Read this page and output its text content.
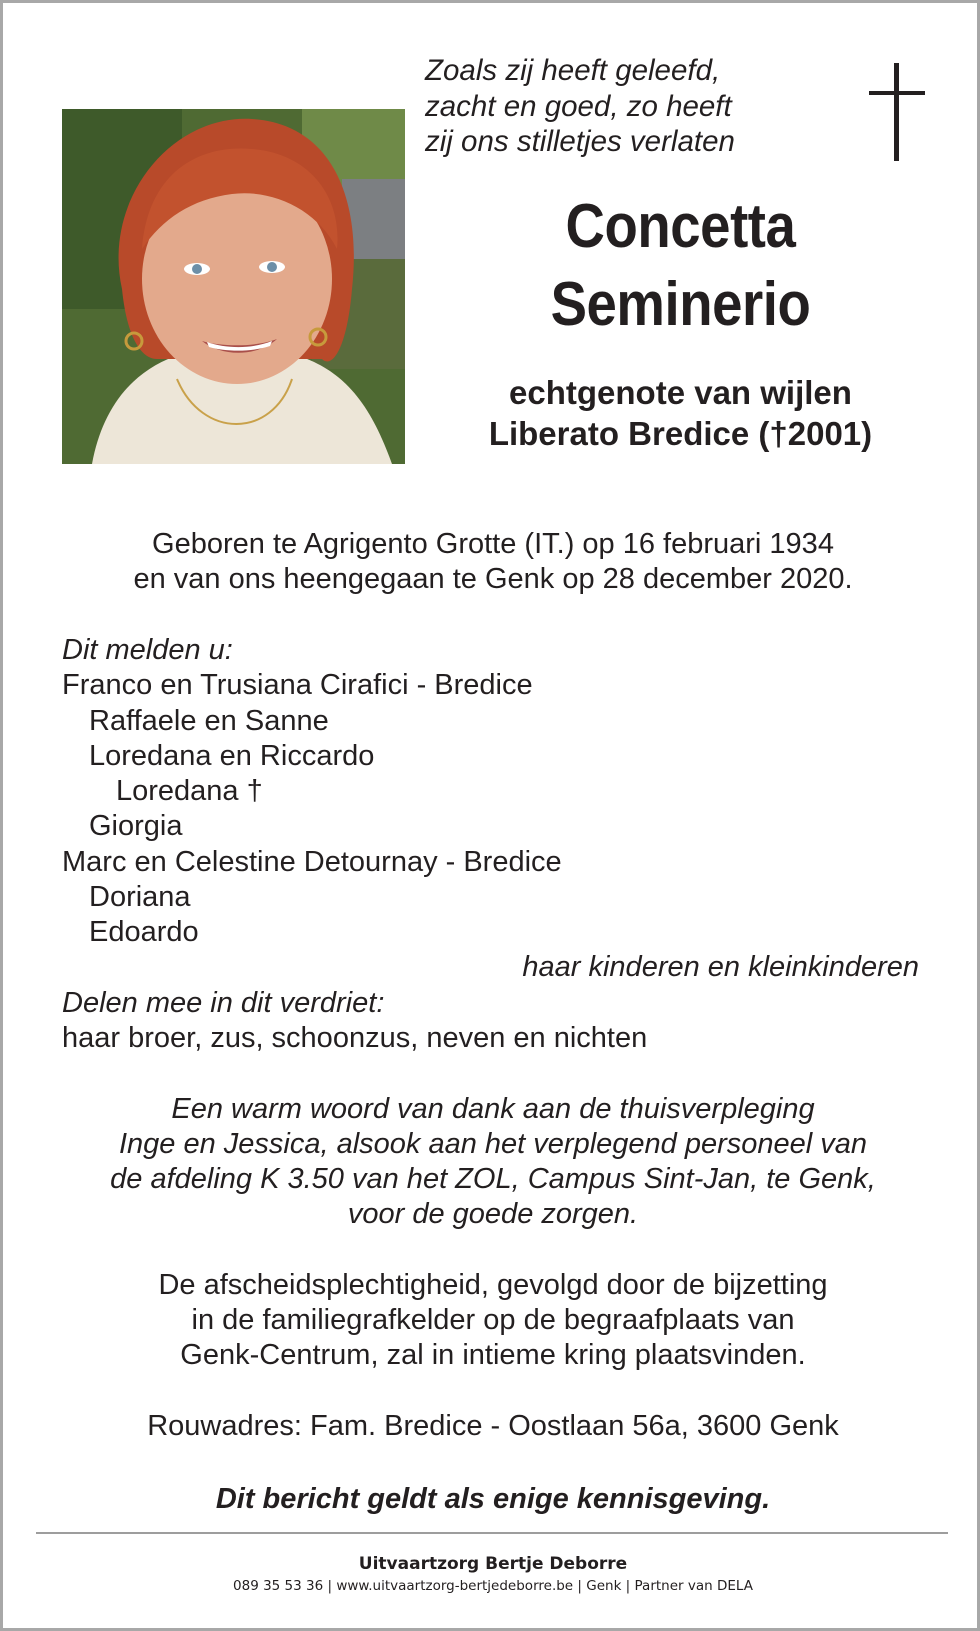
Zoals zij heeft geleefd,
zacht en goed, zo heeft
zij ons stilletjes verlaten
Concetta
Seminerio
echtgenote van wijlen
Liberato Bredice (†2001)
Geboren te Agrigento Grotte (IT.) op 16 februari 1934
en van ons heengegaan te Genk op 28 december 2020.
Dit melden u:
Franco en Trusiana Cirafici - Bredice
Raffaele en Sanne
Loredana en Riccardo
Loredana †
Giorgia
Marc en Celestine Detournay - Bredice
Doriana
Edoardo
haar kinderen en kleinkinderen
Delen mee in dit verdriet:
haar broer, zus, schoonzus, neven en nichten
Een warm woord van dank aan de thuisverpleging
Inge en Jessica, alsook aan het verplegend personeel van
de afdeling K 3.50 van het ZOL, Campus Sint-Jan, te Genk,
voor de goede zorgen.
De afscheidsplechtigheid, gevolgd door de bijzetting
in de familiegrafkelder op de begraafplaats van
Genk-Centrum, zal in intieme kring plaatsvinden.
Rouwadres: Fam. Bredice - Oostlaan 56a, 3600 Genk
Dit bericht geldt als enige kennisgeving.
Uitvaartzorg Bertje Deborre
089 35 53 36 | www.uitvaartzorg-bertjedeborre.be | Genk | Partner van DELA
